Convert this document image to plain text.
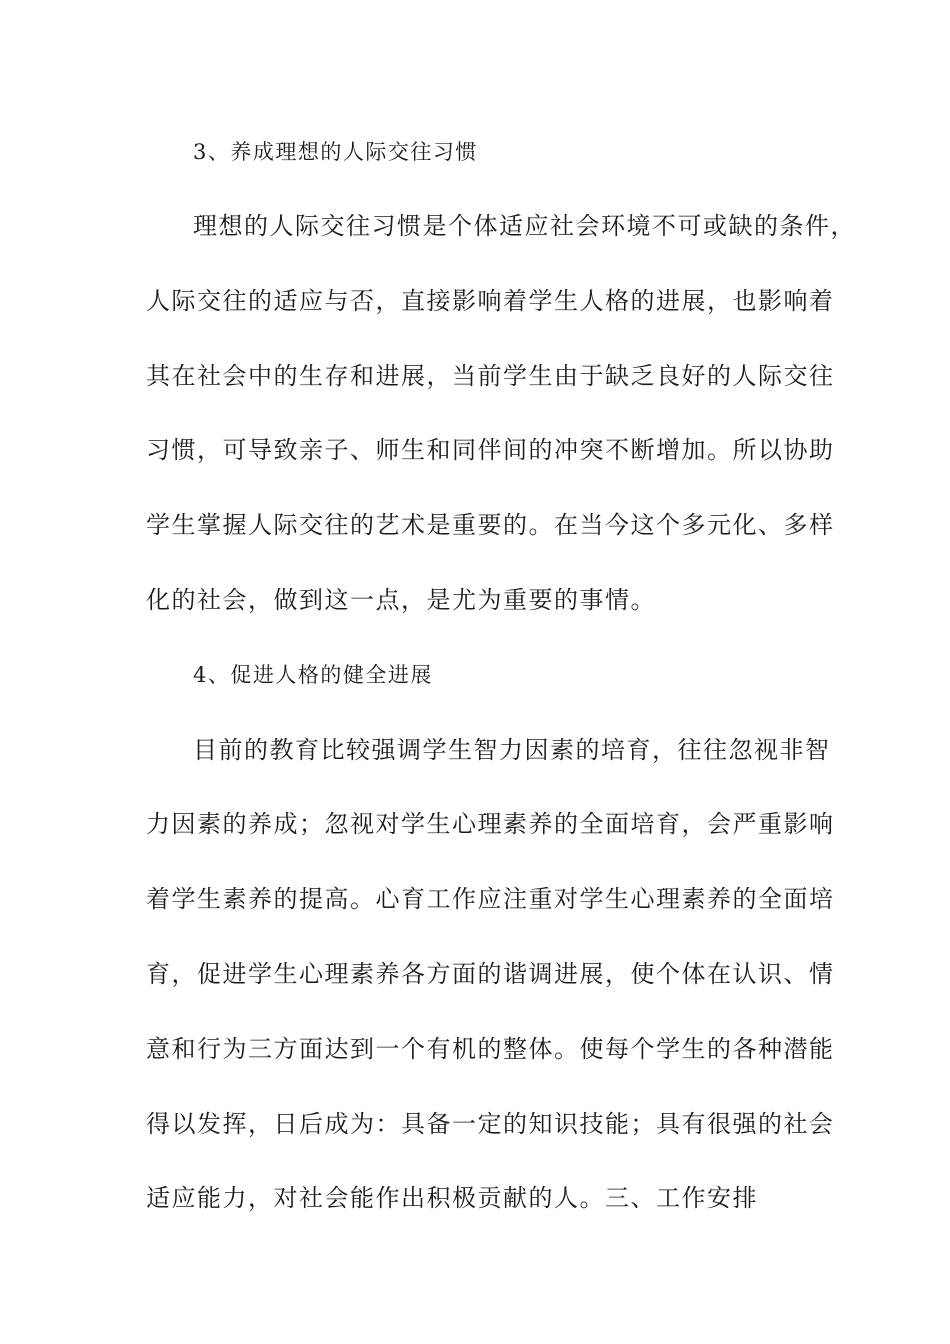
3、养成理想的人际交往习惯
理想的人际交往习惯是个体适应社会环境不可或缺的条件，
人际交往的适应与否，直接影响着学生人格的进展，也影响着
其在社会中的生存和进展，当前学生由于缺乏良好的人际交往
习惯，可导致亲子、师生和同伴间的冲突不断增加。所以协助
学生掌握人际交往的艺术是重要的。在当今这个多元化、多样
化的社会，做到这一点，是尤为重要的事情。
4、促进人格的健全进展
目前的教育比较强调学生智力因素的培育，往往忽视非智
力因素的养成；忽视对学生心理素养的全面培育，会严重影响
着学生素养的提高。心育工作应注重对学生心理素养的全面培
育，促进学生心理素养各方面的谐调进展，使个体在认识、情
意和行为三方面达到一个有机的整体。使每个学生的各种潜能
得以发挥，日后成为：具备一定的知识技能；具有很强的社会
适应能力，对社会能作出积极贡献的人。三、工作安排
